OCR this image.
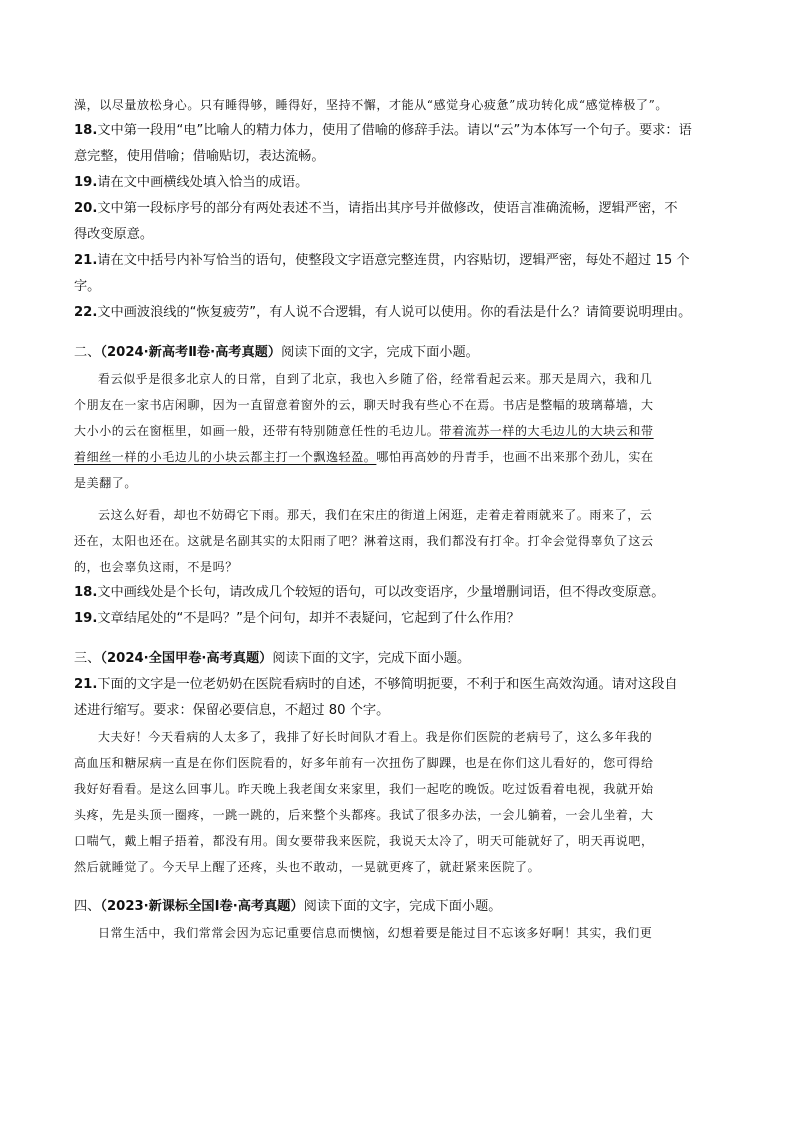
澡，以尽量放松身心。只有睡得够，睡得好，坚持不懈，才能从“感觉身心疲惫”成功转化成“感觉棒极了”。
18.文中第一段用“电”比喻人的精力体力，使用了借喻的修辞手法。请以“云”为本体写一个句子。要求：语
意完整，使用借喻；借喻贴切，表达流畅。
19.请在文中画横线处填入恰当的成语。
20.文中第一段标序号的部分有两处表述不当，请指出其序号并做修改，使语言准确流畅，逻辑严密，不
得改变原意。
21.请在文中括号内补写恰当的语句，使整段文字语意完整连贯，内容贴切，逻辑严密，每处不超过 15 个
字。
22.文中画波浪线的“恢复疲劳”，有人说不合逻辑，有人说可以使用。你的看法是什么？请简要说明理由。
二、（2024·新高考Ⅱ卷·高考真题）阅读下面的文字，完成下面小题。
看云似乎是很多北京人的日常，自到了北京，我也入乡随了俗，经常看起云来。那天是周六，我和几
个朋友在一家书店闲聊，因为一直留意着窗外的云，聊天时我有些心不在焉。书店是整幅的玻璃幕墙，大
大小小的云在窗框里，如画一般，还带有特别随意任性的毛边儿。带着流苏一样的大毛边儿的大块云和带
着细丝一样的小毛边儿的小块云都主打一个飘逸轻盈。哪怕再高妙的丹青手，也画不出来那个劲儿，实在
是美翻了。
云这么好看，却也不妨碍它下雨。那天，我们在宋庄的街道上闲逛，走着走着雨就来了。雨来了，云
还在，太阳也还在。这就是名副其实的太阳雨了吧？淋着这雨，我们都没有打伞。打伞会觉得辜负了这云
的，也会辜负这雨，不是吗？
18.文中画线处是个长句，请改成几个较短的语句，可以改变语序，少量增删词语，但不得改变原意。
19.文章结尾处的“不是吗？”是个问句，却并不表疑问，它起到了什么作用？
三、（2024·全国甲卷·高考真题）阅读下面的文字，完成下面小题。
21.下面的文字是一位老奶奶在医院看病时的自述，不够简明扼要，不利于和医生高效沟通。请对这段自
述进行缩写。要求：保留必要信息，不超过 80 个字。
大夫好！今天看病的人太多了，我排了好长时间队才看上。我是你们医院的老病号了，这么多年我的
高血压和糖尿病一直是在你们医院看的，好多年前有一次扭伤了脚踝，也是在你们这儿看好的，您可得给
我好好看看。是这么回事儿。昨天晚上我老闺女来家里，我们一起吃的晚饭。吃过饭看着电视，我就开始
头疼，先是头顶一圈疼，一跳一跳的，后来整个头都疼。我试了很多办法，一会儿躺着，一会儿坐着，大
口喘气，戴上帽子捂着，都没有用。闺女要带我来医院，我说天太冷了，明天可能就好了，明天再说吧，
然后就睡觉了。今天早上醒了还疼，头也不敢动，一晃就更疼了，就赶紧来医院了。
四、（2023·新课标全国Ⅰ卷·高考真题）阅读下面的文字，完成下面小题。
日常生活中，我们常常会因为忘记重要信息而懊恼，幻想着要是能过目不忘该多好啊！其实，我们更
